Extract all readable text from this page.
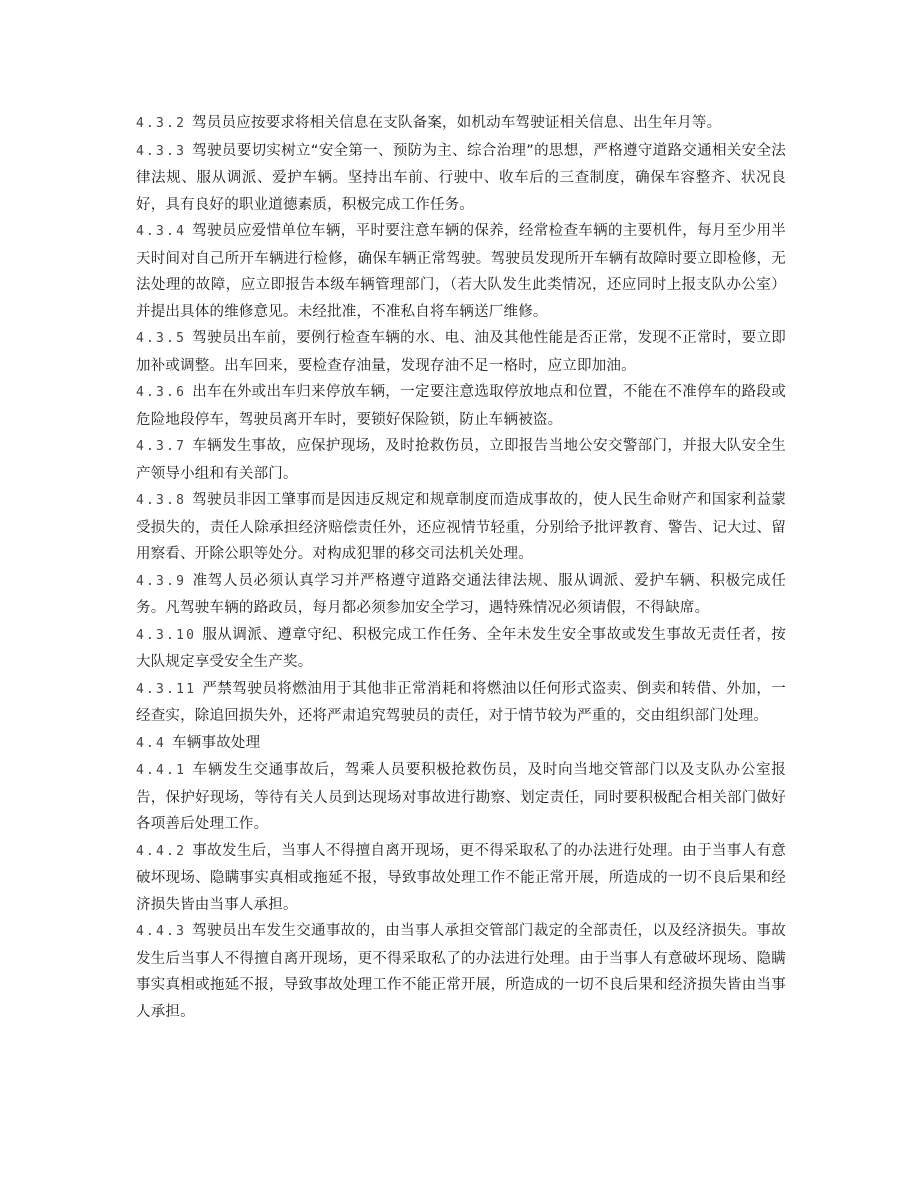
4.3.2 驾员员应按要求将相关信息在支队备案，如机动车驾驶证相关信息、出生年月等。

4.3.3 驾驶员要切实树立“安全第一、预防为主、综合治理”的思想，严格遵守道路交通相关安全法律法规、服从调派、爱护车辆。坚持出车前、行驶中、收车后的三查制度，确保车容整齐、状况良好，具有良好的职业道德素质，积极完成工作任务。

4.3.4 驾驶员应爱惜单位车辆，平时要注意车辆的保养，经常检查车辆的主要机件，每月至少用半天时间对自己所开车辆进行检修，确保车辆正常驾驶。驾驶员发现所开车辆有故障时要立即检修，无法处理的故障，应立即报告本级车辆管理部门，（若大队发生此类情况，还应同时上报支队办公室）并提出具体的维修意见。未经批准，不准私自将车辆送厂维修。

4.3.5 驾驶员出车前，要例行检查车辆的水、电、油及其他性能是否正常，发现不正常时，要立即加补或调整。出车回来，要检查存油量，发现存油不足一格时，应立即加油。

4.3.6 出车在外或出车归来停放车辆，一定要注意选取停放地点和位置，不能在不准停车的路段或危险地段停车，驾驶员离开车时，要锁好保险锁，防止车辆被盗。

4.3.7 车辆发生事故，应保护现场，及时抢救伤员，立即报告当地公安交警部门，并报大队安全生产领导小组和有关部门。

4.3.8 驾驶员非因工肇事而是因违反规定和规章制度而造成事故的，使人民生命财产和国家利益蒙受损失的，责任人除承担经济赔偿责任外，还应视情节轻重，分别给予批评教育、警告、记大过、留用察看、开除公职等处分。对构成犯罪的移交司法机关处理。

4.3.9 准驾人员必须认真学习并严格遵守道路交通法律法规、服从调派、爱护车辆、积极完成任务。凡驾驶车辆的路政员，每月都必须参加安全学习，遇特殊情况必须请假，不得缺席。

4.3.10 服从调派、遵章守纪、积极完成工作任务、全年未发生安全事故或发生事故无责任者，按大队规定享受安全生产奖。

4.3.11 严禁驾驶员将燃油用于其他非正常消耗和将燃油以任何形式盗卖、倒卖和转借、外加，一经查实，除追回损失外，还将严肃追究驾驶员的责任，对于情节较为严重的，交由组织部门处理。

4.4 车辆事故处理

4.4.1 车辆发生交通事故后，驾乘人员要积极抢救伤员，及时向当地交管部门以及支队办公室报告，保护好现场，等待有关人员到达现场对事故进行勘察、划定责任，同时要积极配合相关部门做好各项善后处理工作。

4.4.2 事故发生后，当事人不得擅自离开现场，更不得采取私了的办法进行处理。由于当事人有意破坏现场、隐瞒事实真相或拖延不报，导致事故处理工作不能正常开展，所造成的一切不良后果和经济损失皆由当事人承担。

4.4.3 驾驶员出车发生交通事故的，由当事人承担交管部门裁定的全部责任，以及经济损失。事故发生后当事人不得擅自离开现场，更不得采取私了的办法进行处理。由于当事人有意破坏现场、隐瞒事实真相或拖延不报，导致事故处理工作不能正常开展，所造成的一切不良后果和经济损失皆由当事人承担。
